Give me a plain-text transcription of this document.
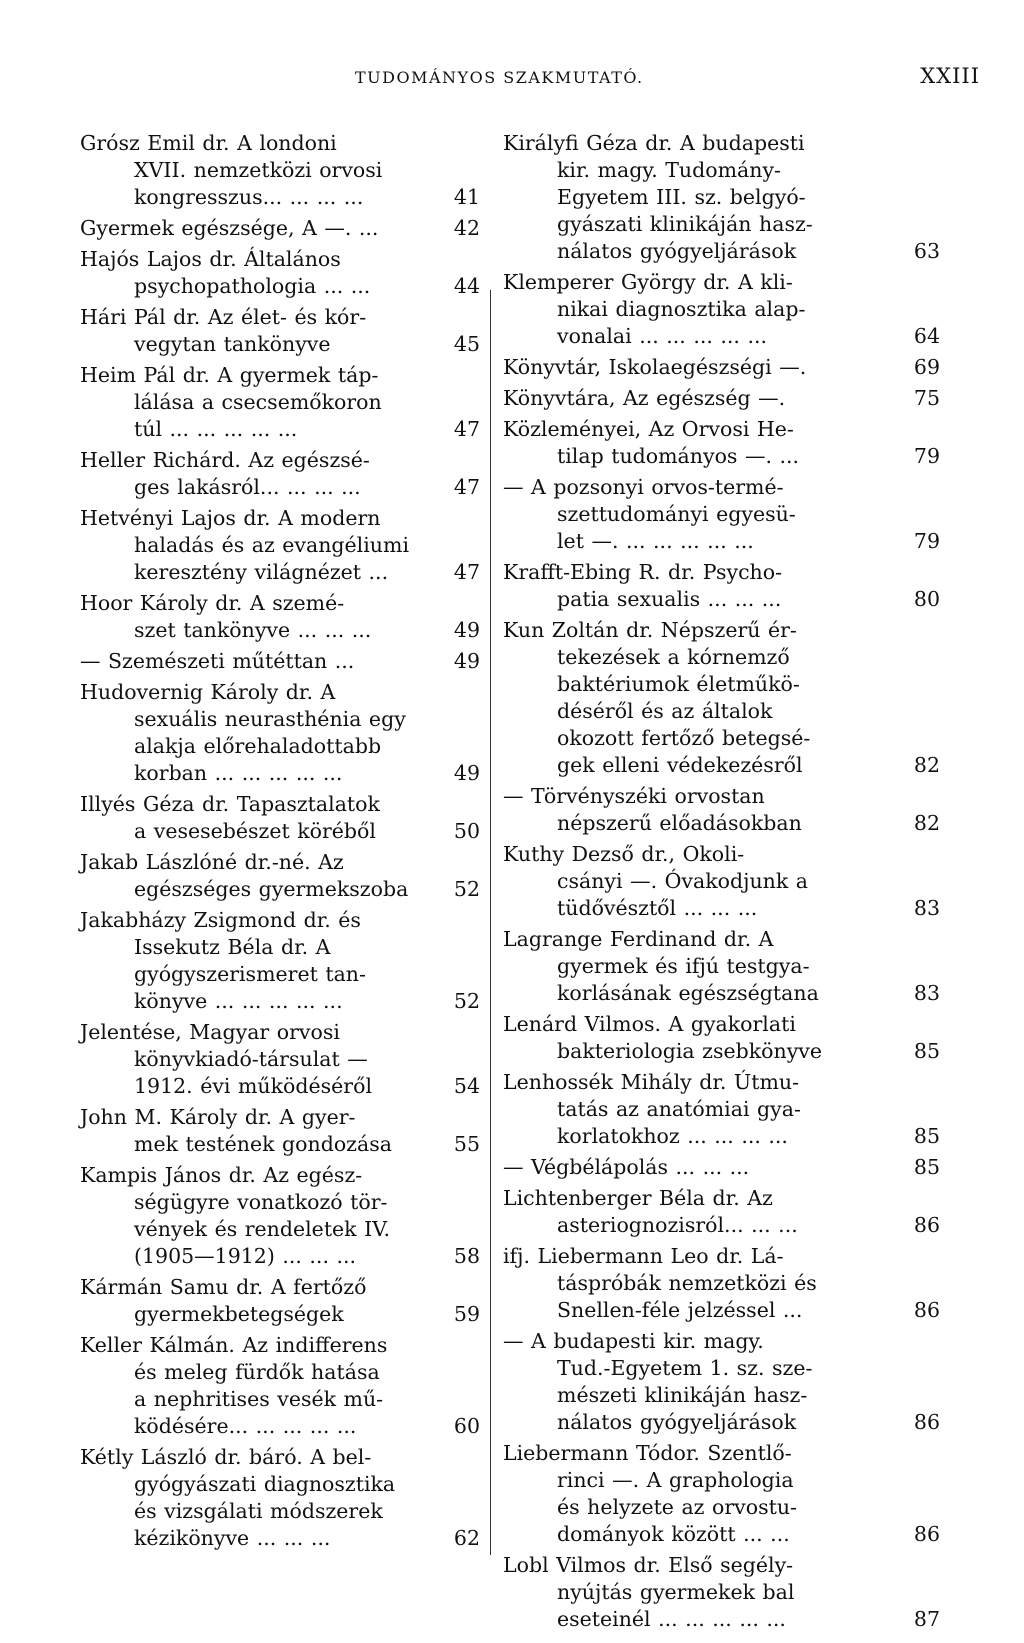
TUDOMÁNYOS SZAKMUTATÓ.	XXIII
Grósz Emil dr. A londoni
XVII. nemzetközi orvosi
kongresszus... ... ... ...	41
Gyermek egészsége, A —. ...	42
Hajós Lajos dr. Általános
psychopathologia ... ...	44
Hári Pál dr. Az élet- és kór-
vegytan tankönyve	45
Heim Pál dr. A gyermek táp-
lálása a csecsemőkoron
túl ... ... ... ... ...	47
Heller Richárd. Az egészsé-
ges lakásról... ... ... ...	47
Hetvényi Lajos dr. A modern
haladás és az evangéliumi
keresztény világnézet ...	47
Hoor Károly dr. A szemé-
szet tankönyve ... ... ...	49
— Szemészeti műtéttan ...	49
Hudovernig Károly dr. A
sexuális neurasthénia egy
alakja előrehaladottabb
korban ... ... ... ... ...	49
Illyés Géza dr. Tapasztalatok
a vesesebészet köréből	50
Jakab Lászlóné dr.-né. Az
egészséges gyermekszoba	52
Jakabházy Zsigmond dr. és
Issekutz Béla dr. A
gyógyszerismeret tan-
könyve ... ... ... ... ...	52
Jelentése, Magyar orvosi
könyvkiadó-társulat —
1912. évi működéséről	54
John M. Károly dr. A gyer-
mek testének gondozása	55
Kampis János dr. Az egész-
ségügyre vonatkozó tör-
vények és rendeletek IV.
(1905—1912) ... ... ...	58
Kármán Samu dr. A fertőző
gyermekbetegségek	59
Keller Kálmán. Az indifferens
és meleg fürdők hatása
a nephritises vesék mű-
ködésére... ... ... ... ...	60
Kétly László dr. báró. A bel-
gyógyászati diagnosztika
és vizsgálati módszerek
kézikönyve ... ... ...	62
Királyfi Géza dr. A budapesti
kir. magy. Tudomány-
Egyetem III. sz. belgyó-
gyászati klinikáján hasz-
nálatos gyógyeljárások	63
Klemperer György dr. A kli-
nikai diagnosztika alap-
vonalai ... ... ... ... ...	64
Könyvtár, Iskolaegészségi —.	69
Könyvtára, Az egészség —.	75
Közleményei, Az Orvosi He-
tilap tudományos —. ...	79
— A pozsonyi orvos-termé-
szettudományi egyesü-
let —. ... ... ... ... ...	79
Krafft-Ebing R. dr. Psycho-
patia sexualis ... ... ...	80
Kun Zoltán dr. Népszerű ér-
tekezések a kórnemző
baktériumok életműkö-
déséről és az általok
okozott fertőző betegsé-
gek elleni védekezésről	82
— Törvényszéki orvostan
népszerű előadásokban	82
Kuthy Dezső dr., Okoli-
csányi —. Óvakodjunk a
tüdővésztől ... ... ...	83
Lagrange Ferdinand dr. A
gyermek és ifjú testgya-
korlásának egészségtana	83
Lenárd Vilmos. A gyakorlati
bakteriologia zsebkönyve	85
Lenhossék Mihály dr. Útmu-
tatás az anatómiai gya-
korlatokhoz ... ... ... ...	85
— Végbélápolás ... ... ...	85
Lichtenberger Béla dr. Az
asteriognozisról... ... ...	86
ifj. Liebermann Leo dr. Lá-
táspróbák nemzetközi és
Snellen-féle jelzéssel ...	86
— A budapesti kir. magy.
Tud.-Egyetem 1. sz. sze-
mészeti klinikáján hasz-
nálatos gyógyeljárások	86
Liebermann Tódor. Szentlő-
rinci —. A graphologia
és helyzete az orvostu-
dományok között ... ...	86
Lobl Vilmos dr. Első segély-
nyújtás gyermekek bal
eseteinél ... ... ... ... ...	87
